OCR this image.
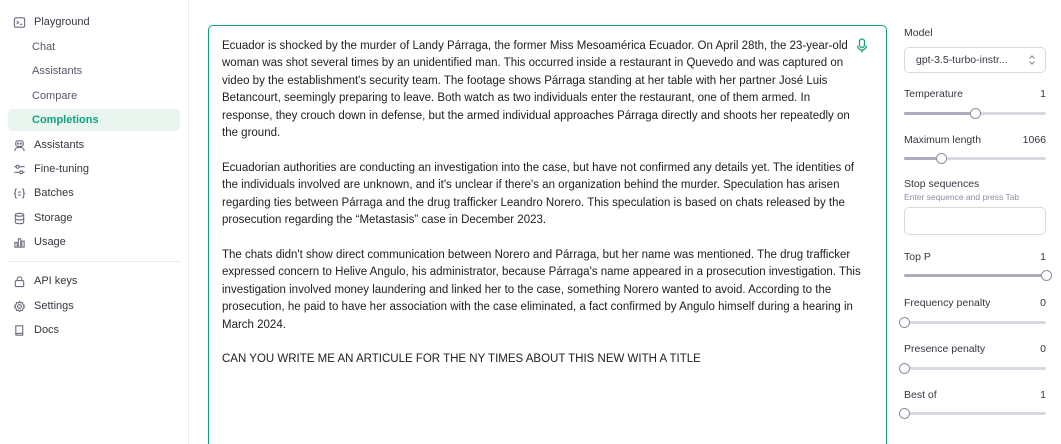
Playground
Chat
Assistants
Compare
Completions
Assistants
Fine-tuning
Batches
Storage
Usage
API keys
Settings
Docs
Ecuador is shocked by the murder of Landy Párraga, the former Miss Mesoamérica Ecuador. On April 28th, the 23-year-old woman was shot several times by an unidentified man. This occurred inside a restaurant in Quevedo and was captured on video by the establishment's security team. The footage shows Párraga standing at her table with her partner José Luis Betancourt, seemingly preparing to leave. Both watch as two individuals enter the restaurant, one of them armed. In response, they crouch down in defense, but the armed individual approaches Párraga directly and shoots her repeatedly on the ground.

Ecuadorian authorities are conducting an investigation into the case, but have not confirmed any details yet. The identities of the individuals involved are unknown, and it's unclear if there's an organization behind the murder. Speculation has arisen regarding ties between Párraga and the drug trafficker Leandro Norero. This speculation is based on chats released by the prosecution regarding the “Metastasis” case in December 2023.

The chats didn't show direct communication between Norero and Párraga, but her name was mentioned. The drug trafficker expressed concern to Helive Angulo, his administrator, because Párraga's name appeared in a prosecution investigation. This investigation involved money laundering and linked her to the case, something Norero wanted to avoid. According to the prosecution, he paid to have her association with the case eliminated, a fact confirmed by Angulo himself during a hearing in March 2024.

CAN YOU WRITE ME AN ARTICULE FOR THE NY TIMES ABOUT THIS NEW WITH A TITLE
Model
gpt-3.5-turbo-instr...
Temperature	1
Maximum length	1066
Stop sequences
Enter sequence and press Tab
Top P	1
Frequency penalty	0
Presence penalty	0
Best of	1
